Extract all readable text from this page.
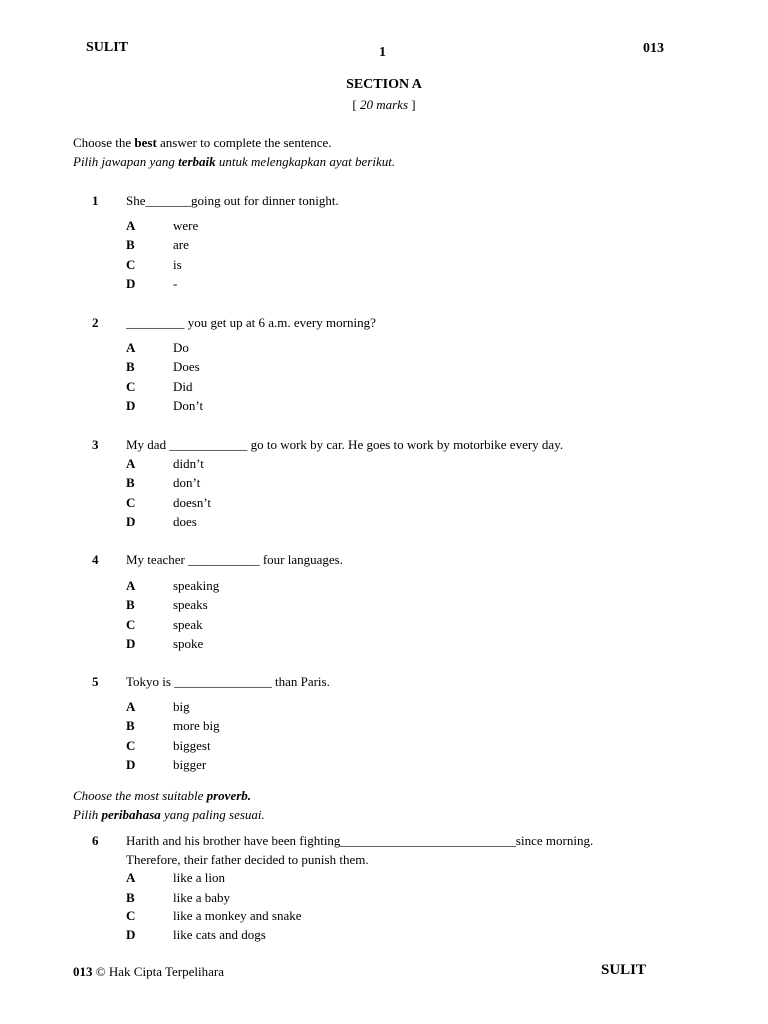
SULIT	1	013
SECTION A
[ 20 marks ]
Choose the best answer to complete the sentence.
Pilih jawapan yang terbaik untuk melengkapkan ayat berikut.
1 She_______going out for dinner tonight.
A	were
B	are
C	is
D	-
2 _________ you get up at 6 a.m. every morning?
A	Do
B	Does
C	Did
D	Don’t
3 My dad ____________ go to work by car. He goes to work by motorbike every day.
A	didn’t
B	don’t
C	doesn’t
D	does
4 My teacher ___________ four languages.
A	speaking
B	speaks
C	speak
D	spoke
5 Tokyo is _______________ than Paris.
A	big
B	more big
C	biggest
D	bigger
Choose the most suitable proverb.
Pilih peribahasa yang paling sesuai.
6 Harith and his brother have been fighting___________________________since morning.
Therefore, their father decided to punish them.
A	like a lion
B	like a baby
C	like a monkey and snake
D	like cats and dogs
013 © Hak Cipta Terpelihara	SULIT
